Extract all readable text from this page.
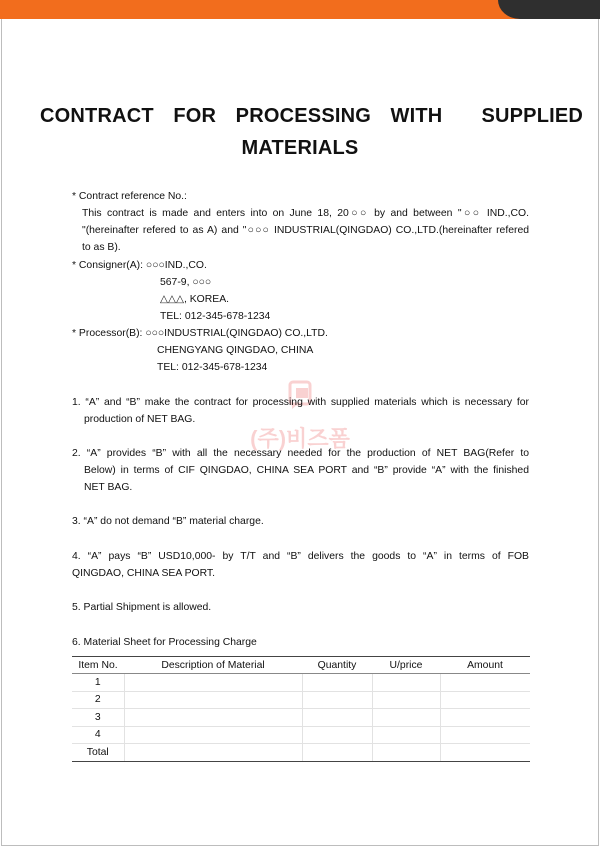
CONTRACT  FOR  PROCESSING  WITH    SUPPLIED
MATERIALS
* Contract reference No.:
This contract is made and enters into on June 18, 20○○ by and between "○○ IND.,CO.
"(hereinafter refered to as A) and "○○○ INDUSTRIAL(QINGDAO) CO.,LTD.(hereinafter refered
to as B).
* Consigner(A): ○○○IND.,CO.
567-9, ○○○
△△△, KOREA.
TEL: 012-345-678-1234
* Processor(B): ○○○INDUSTRIAL(QINGDAO) CO.,LTD.
CHENGYANG QINGDAO, CHINA
TEL: 012-345-678-1234
(주)비즈폼
1. “A” and “B” make the contract for processing with supplied materials which is necessary for
production of NET BAG.
2. “A” provides “B” with all the necessary needed for the production of NET BAG(Refer to
Below) in terms of CIF QINGDAO, CHINA SEA PORT and “B” provide “A” with the finished
NET BAG.
3. “A” do not demand “B” material charge.
4. “A” pays “B” USD10,000- by T/T and “B” delivers the goods to “A” in terms of FOB
QINGDAO, CHINA SEA PORT.
5. Partial Shipment is allowed.
6. Material Sheet for Processing Charge
Item No.	Description of Material	Quantity	U/price	Amount
1				
2				
3				
4				
Total				
